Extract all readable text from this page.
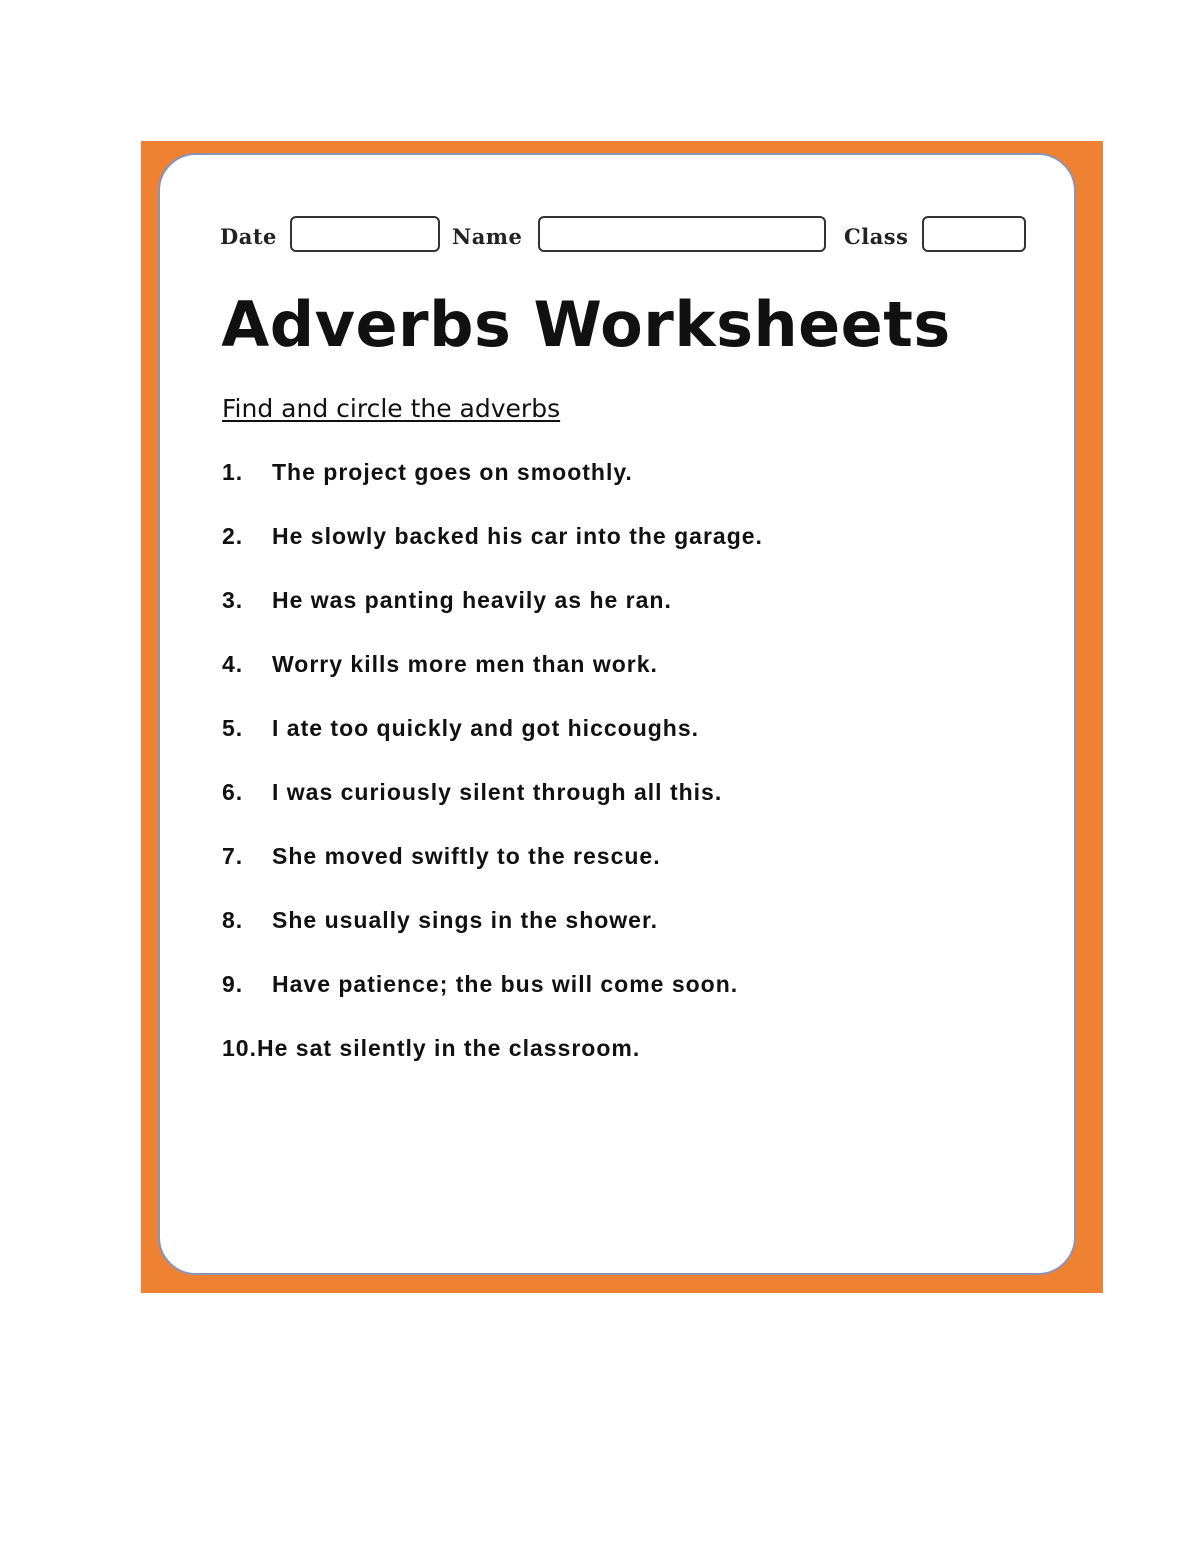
Date	Name	Class
Adverbs Worksheets
Find and circle the adverbs
1. The project goes on smoothly.
2. He slowly backed his car into the garage.
3. He was panting heavily as he ran.
4. Worry kills more men than work.
5. I ate too quickly and got hiccoughs.
6. I was curiously silent through all this.
7. She moved swiftly to the rescue.
8. She usually sings in the shower.
9. Have patience; the bus will come soon.
10.He sat silently in the classroom.
